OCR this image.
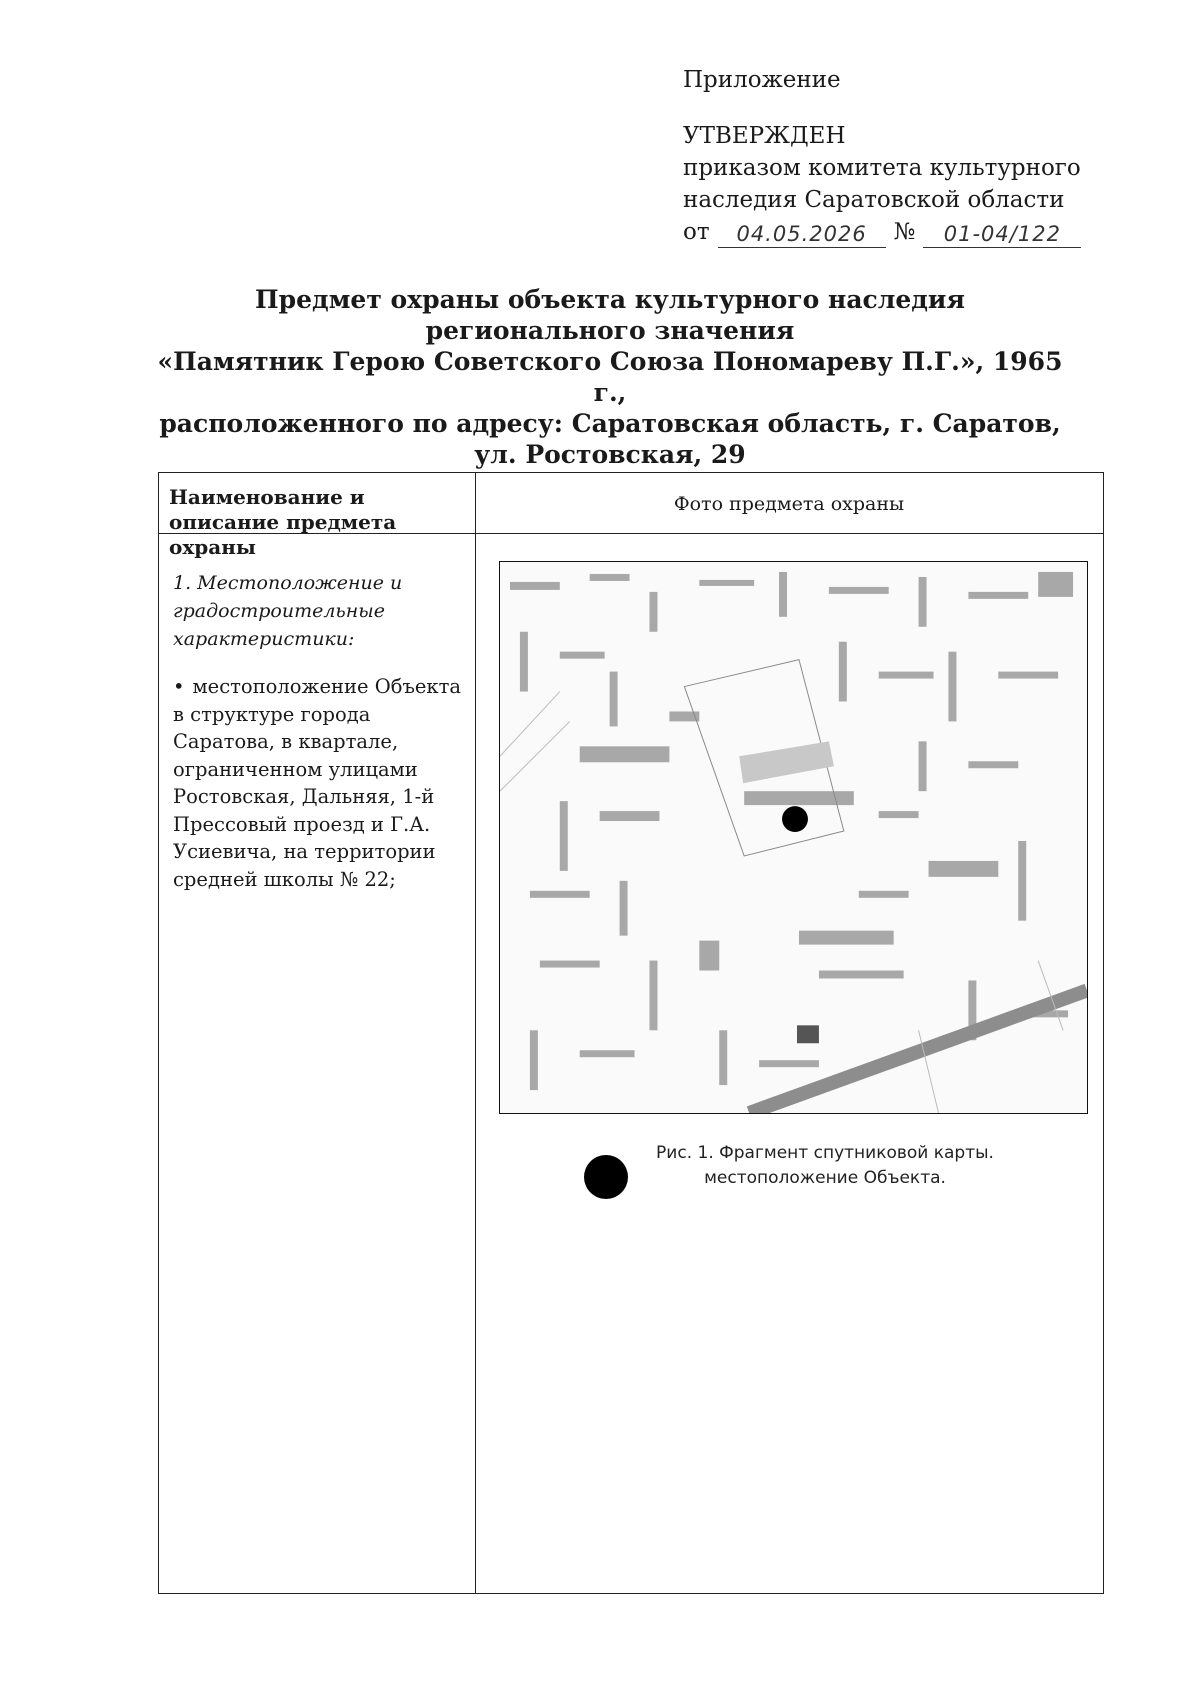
Приложение
УТВЕРЖДЕН
приказом комитета культурного
наследия Саратовской области
от	04.05.2026	№	01-04/122
Предмет охраны объекта культурного наследия
регионального значения
«Памятник Герою Советского Союза Пономареву П.Г.», 1965 г.,
расположенного по адресу: Саратовская область, г. Саратов,
ул. Ростовская, 29
Наименование и описание предмета охраны
Фото предмета охраны
1. Местоположение и градостроительные характеристики:
• местоположение Объекта в структуре города Саратова, в квартале, ограниченном улицами Ростовская, Дальняя, 1-й Прессовый проезд и Г.А. Усиевича, на территории средней школы № 22;
Рис. 1. Фрагмент спутниковой карты.
местоположение Объекта.
